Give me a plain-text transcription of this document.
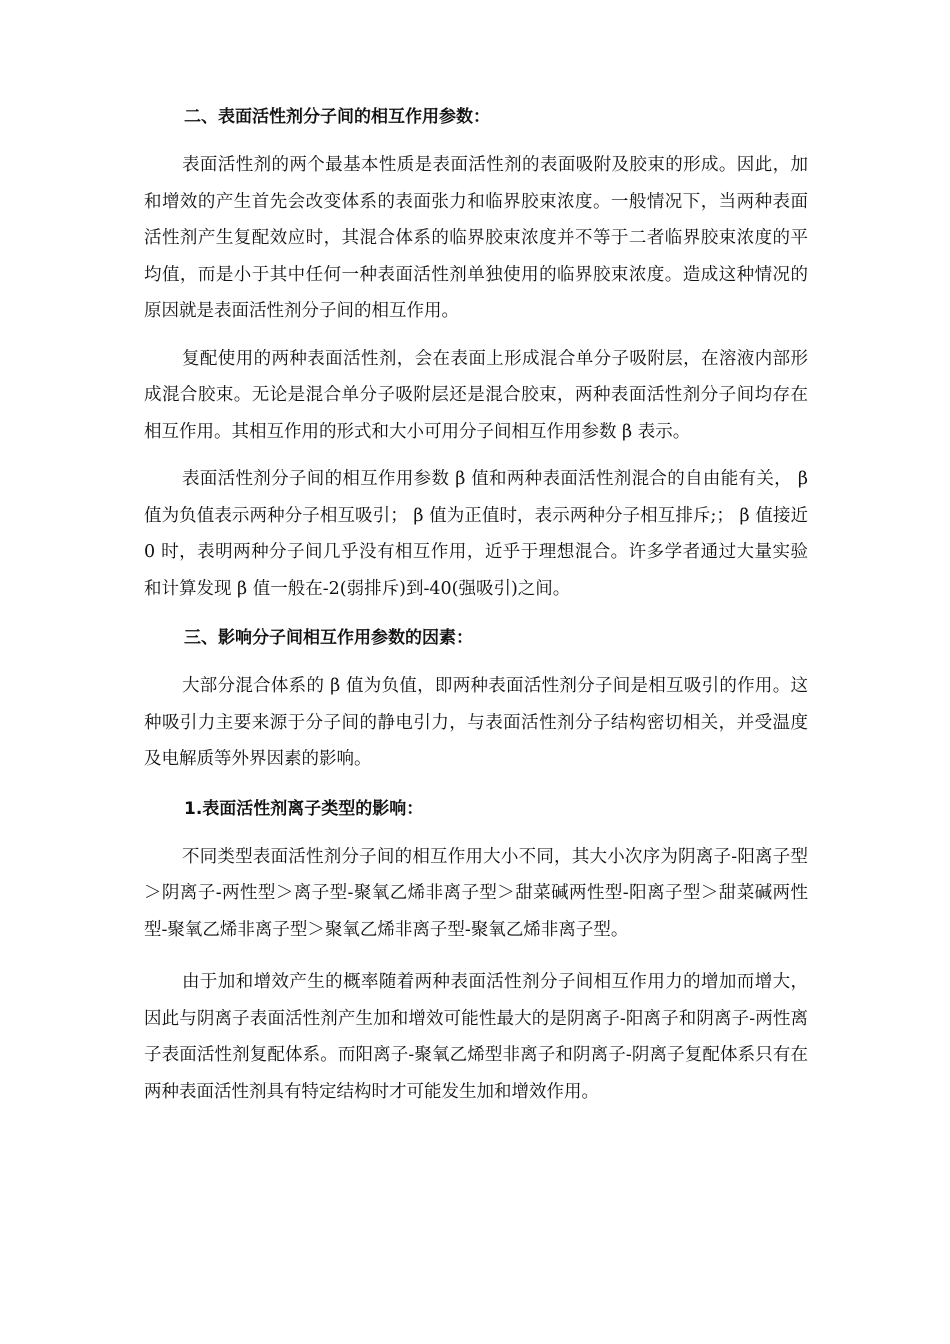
二、表面活性剂分子间的相互作用参数：

表面活性剂的两个最基本性质是表面活性剂的表面吸附及胶束的形成。因此，加和增效的产生首先会改变体系的表面张力和临界胶束浓度。一般情况下，当两种表面活性剂产生复配效应时，其混合体系的临界胶束浓度并不等于二者临界胶束浓度的平均值，而是小于其中任何一种表面活性剂单独使用的临界胶束浓度。造成这种情况的原因就是表面活性剂分子间的相互作用。

复配使用的两种表面活性剂，会在表面上形成混合单分子吸附层，在溶液内部形成混合胶束。无论是混合单分子吸附层还是混合胶束，两种表面活性剂分子间均存在相互作用。其相互作用的形式和大小可用分子间相互作用参数 β 表示。

表面活性剂分子间的相互作用参数 β 值和两种表面活性剂混合的自由能有关， β 值为负值表示两种分子相互吸引； β 值为正值时，表示两种分子相互排斥;； β 值接近 0 时，表明两种分子间几乎没有相互作用，近乎于理想混合。许多学者通过大量实验和计算发现 β 值一般在-2(弱排斥)到-40(强吸引)之间。

三、影响分子间相互作用参数的因素：

大部分混合体系的 β 值为负值，即两种表面活性剂分子间是相互吸引的作用。这种吸引力主要来源于分子间的静电引力，与表面活性剂分子结构密切相关，并受温度及电解质等外界因素的影响。

1.表面活性剂离子类型的影响：

不同类型表面活性剂分子间的相互作用大小不同，其大小次序为阴离子-阳离子型＞阴离子-两性型＞离子型-聚氧乙烯非离子型＞甜菜碱两性型-阳离子型＞甜菜碱两性型-聚氧乙烯非离子型＞聚氧乙烯非离子型-聚氧乙烯非离子型。

由于加和增效产生的概率随着两种表面活性剂分子间相互作用力的增加而增大，因此与阴离子表面活性剂产生加和增效可能性最大的是阴离子-阳离子和阴离子-两性离子表面活性剂复配体系。而阳离子-聚氧乙烯型非离子和阴离子-阴离子复配体系只有在两种表面活性剂具有特定结构时才可能发生加和增效作用。
